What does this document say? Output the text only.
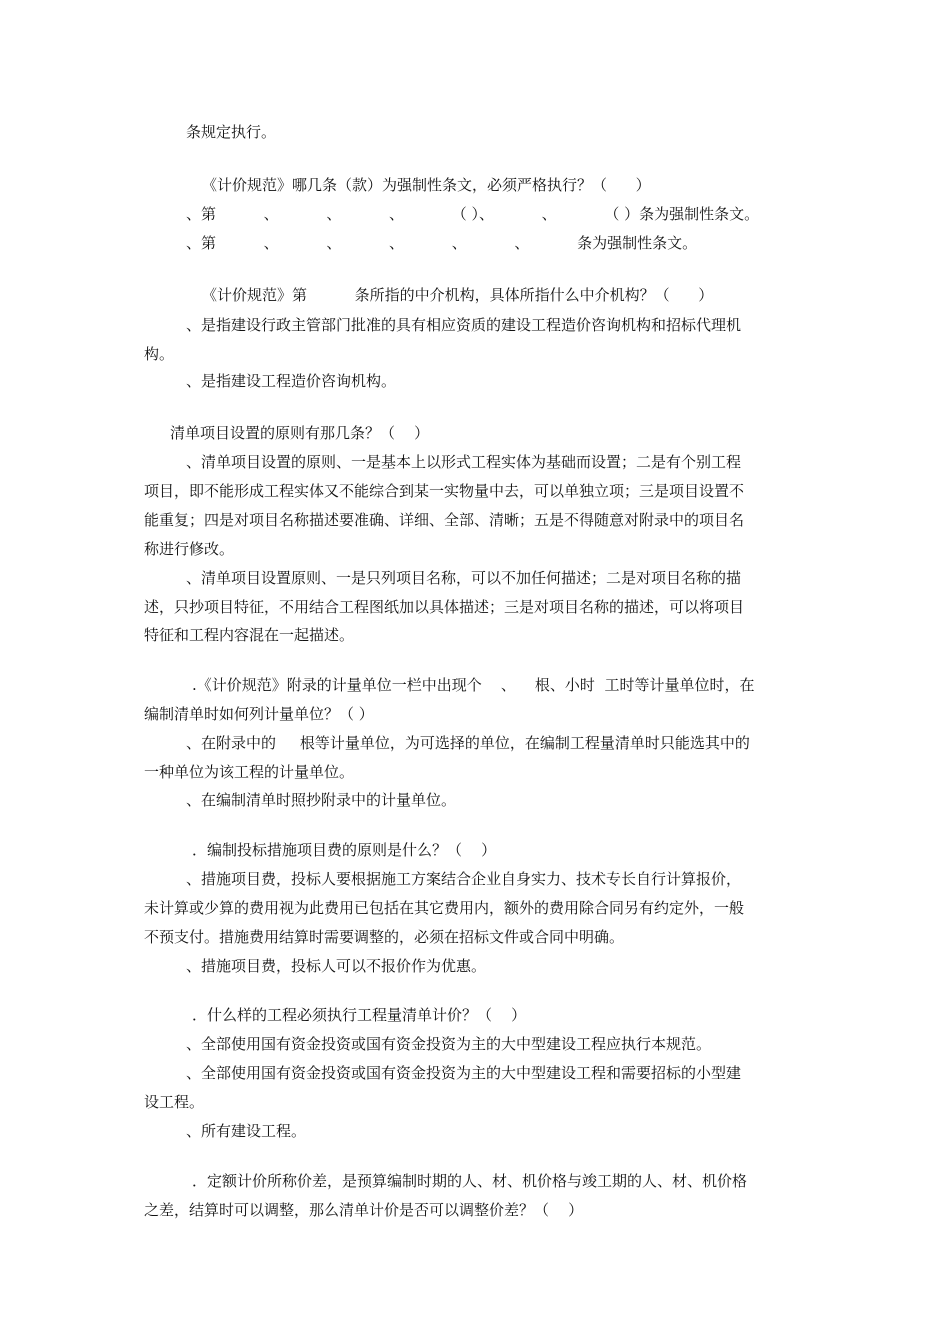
条规定执行。
《计价规范》哪几条（款）为强制性条文，必须严格执行？（      ）
、第          、          、          、          （ ）、          、          （ ）条为强制性条文。
、第          、          、          、          、          、          条为强制性条文。
《计价规范》第          条所指的中介机构，具体所指什么中介机构？（      ）
、是指建设行政主管部门批准的具有相应资质的建设工程造价咨询机构和招标代理机
构。
、是指建设工程造价咨询机构。
清单项目设置的原则有那几条？（    ）
、清单项目设置的原则、一是基本上以形式工程实体为基础而设置；二是有个别工程
项目，即不能形成工程实体又不能综合到某一实物量中去，可以单独立项；三是项目设置不
能重复；四是对项目名称描述要准确、详细、全部、清晰；五是不得随意对附录中的项目名
称进行修改。
、清单项目设置原则、一是只列项目名称，可以不加任何描述；二是对项目名称的描
述，只抄项目特征，不用结合工程图纸加以具体描述；三是对项目名称的描述，可以将项目
特征和工程内容混在一起描述。
.《计价规范》附录的计量单位一栏中出现个    、    根、小时  工时等计量单位时，在
编制清单时如何列计量单位？（ ）
、在附录中的     根等计量单位，为可选择的单位，在编制工程量清单时只能选其中的
一种单位为该工程的计量单位。
、在编制清单时照抄附录中的计量单位。
．编制投标措施项目费的原则是什么？（    ）
、措施项目费，投标人要根据施工方案结合企业自身实力、技术专长自行计算报价，
未计算或少算的费用视为此费用已包括在其它费用内，额外的费用除合同另有约定外，一般
不预支付。措施费用结算时需要调整的，必须在招标文件或合同中明确。
、措施项目费，投标人可以不报价作为优惠。
．什么样的工程必须执行工程量清单计价？（    ）
、全部使用国有资金投资或国有资金投资为主的大中型建设工程应执行本规范。
、全部使用国有资金投资或国有资金投资为主的大中型建设工程和需要招标的小型建
设工程。
、所有建设工程。
．定额计价所称价差，是预算编制时期的人、材、机价格与竣工期的人、材、机价格
之差，结算时可以调整，那么清单计价是否可以调整价差？（    ）
